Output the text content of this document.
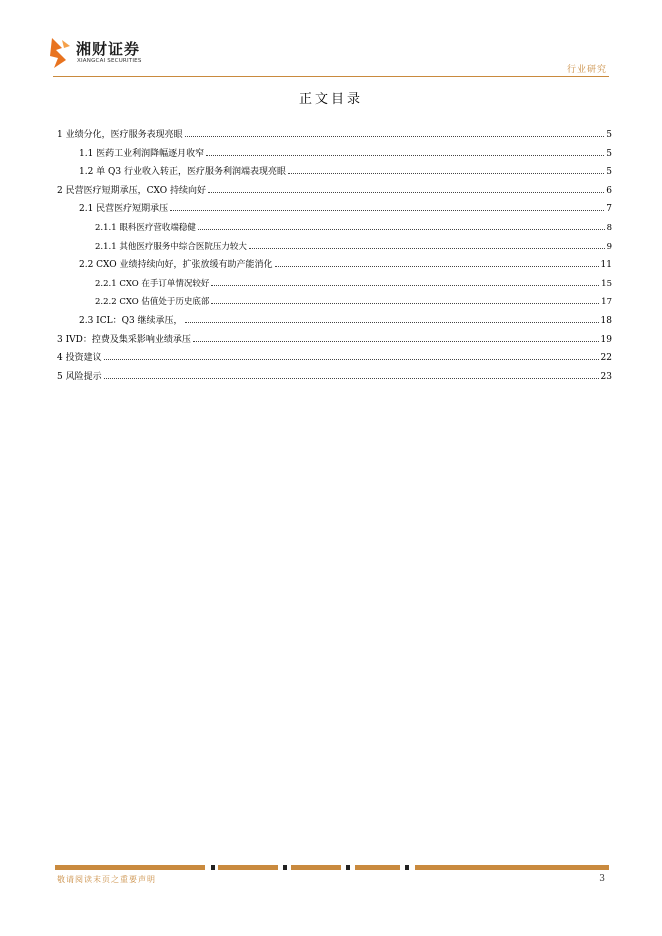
湘财证券
XIANGCAI SECURITIES
行业研究
正文目录
1 业绩分化，医疗服务表现亮眼	5
1.1 医药工业利润降幅逐月收窄	5
1.2 单 Q3 行业收入转正，医疗服务利润端表现亮眼	5
2 民营医疗短期承压，CXO 持续向好	6
2.1 民营医疗短期承压	7
2.1.1 眼科医疗营收端稳健	8
2.1.1 其他医疗服务中综合医院压力较大	9
2.2 CXO 业绩持续向好，扩张放缓有助产能消化	11
2.2.1 CXO 在手订单情况较好	15
2.2.2 CXO 估值处于历史底部	17
2.3 ICL：Q3 继续承压，	18
3 IVD：控费及集采影响业绩承压	19
4 投资建议	22
5 风险提示	23
敬请阅读末页之重要声明	3
